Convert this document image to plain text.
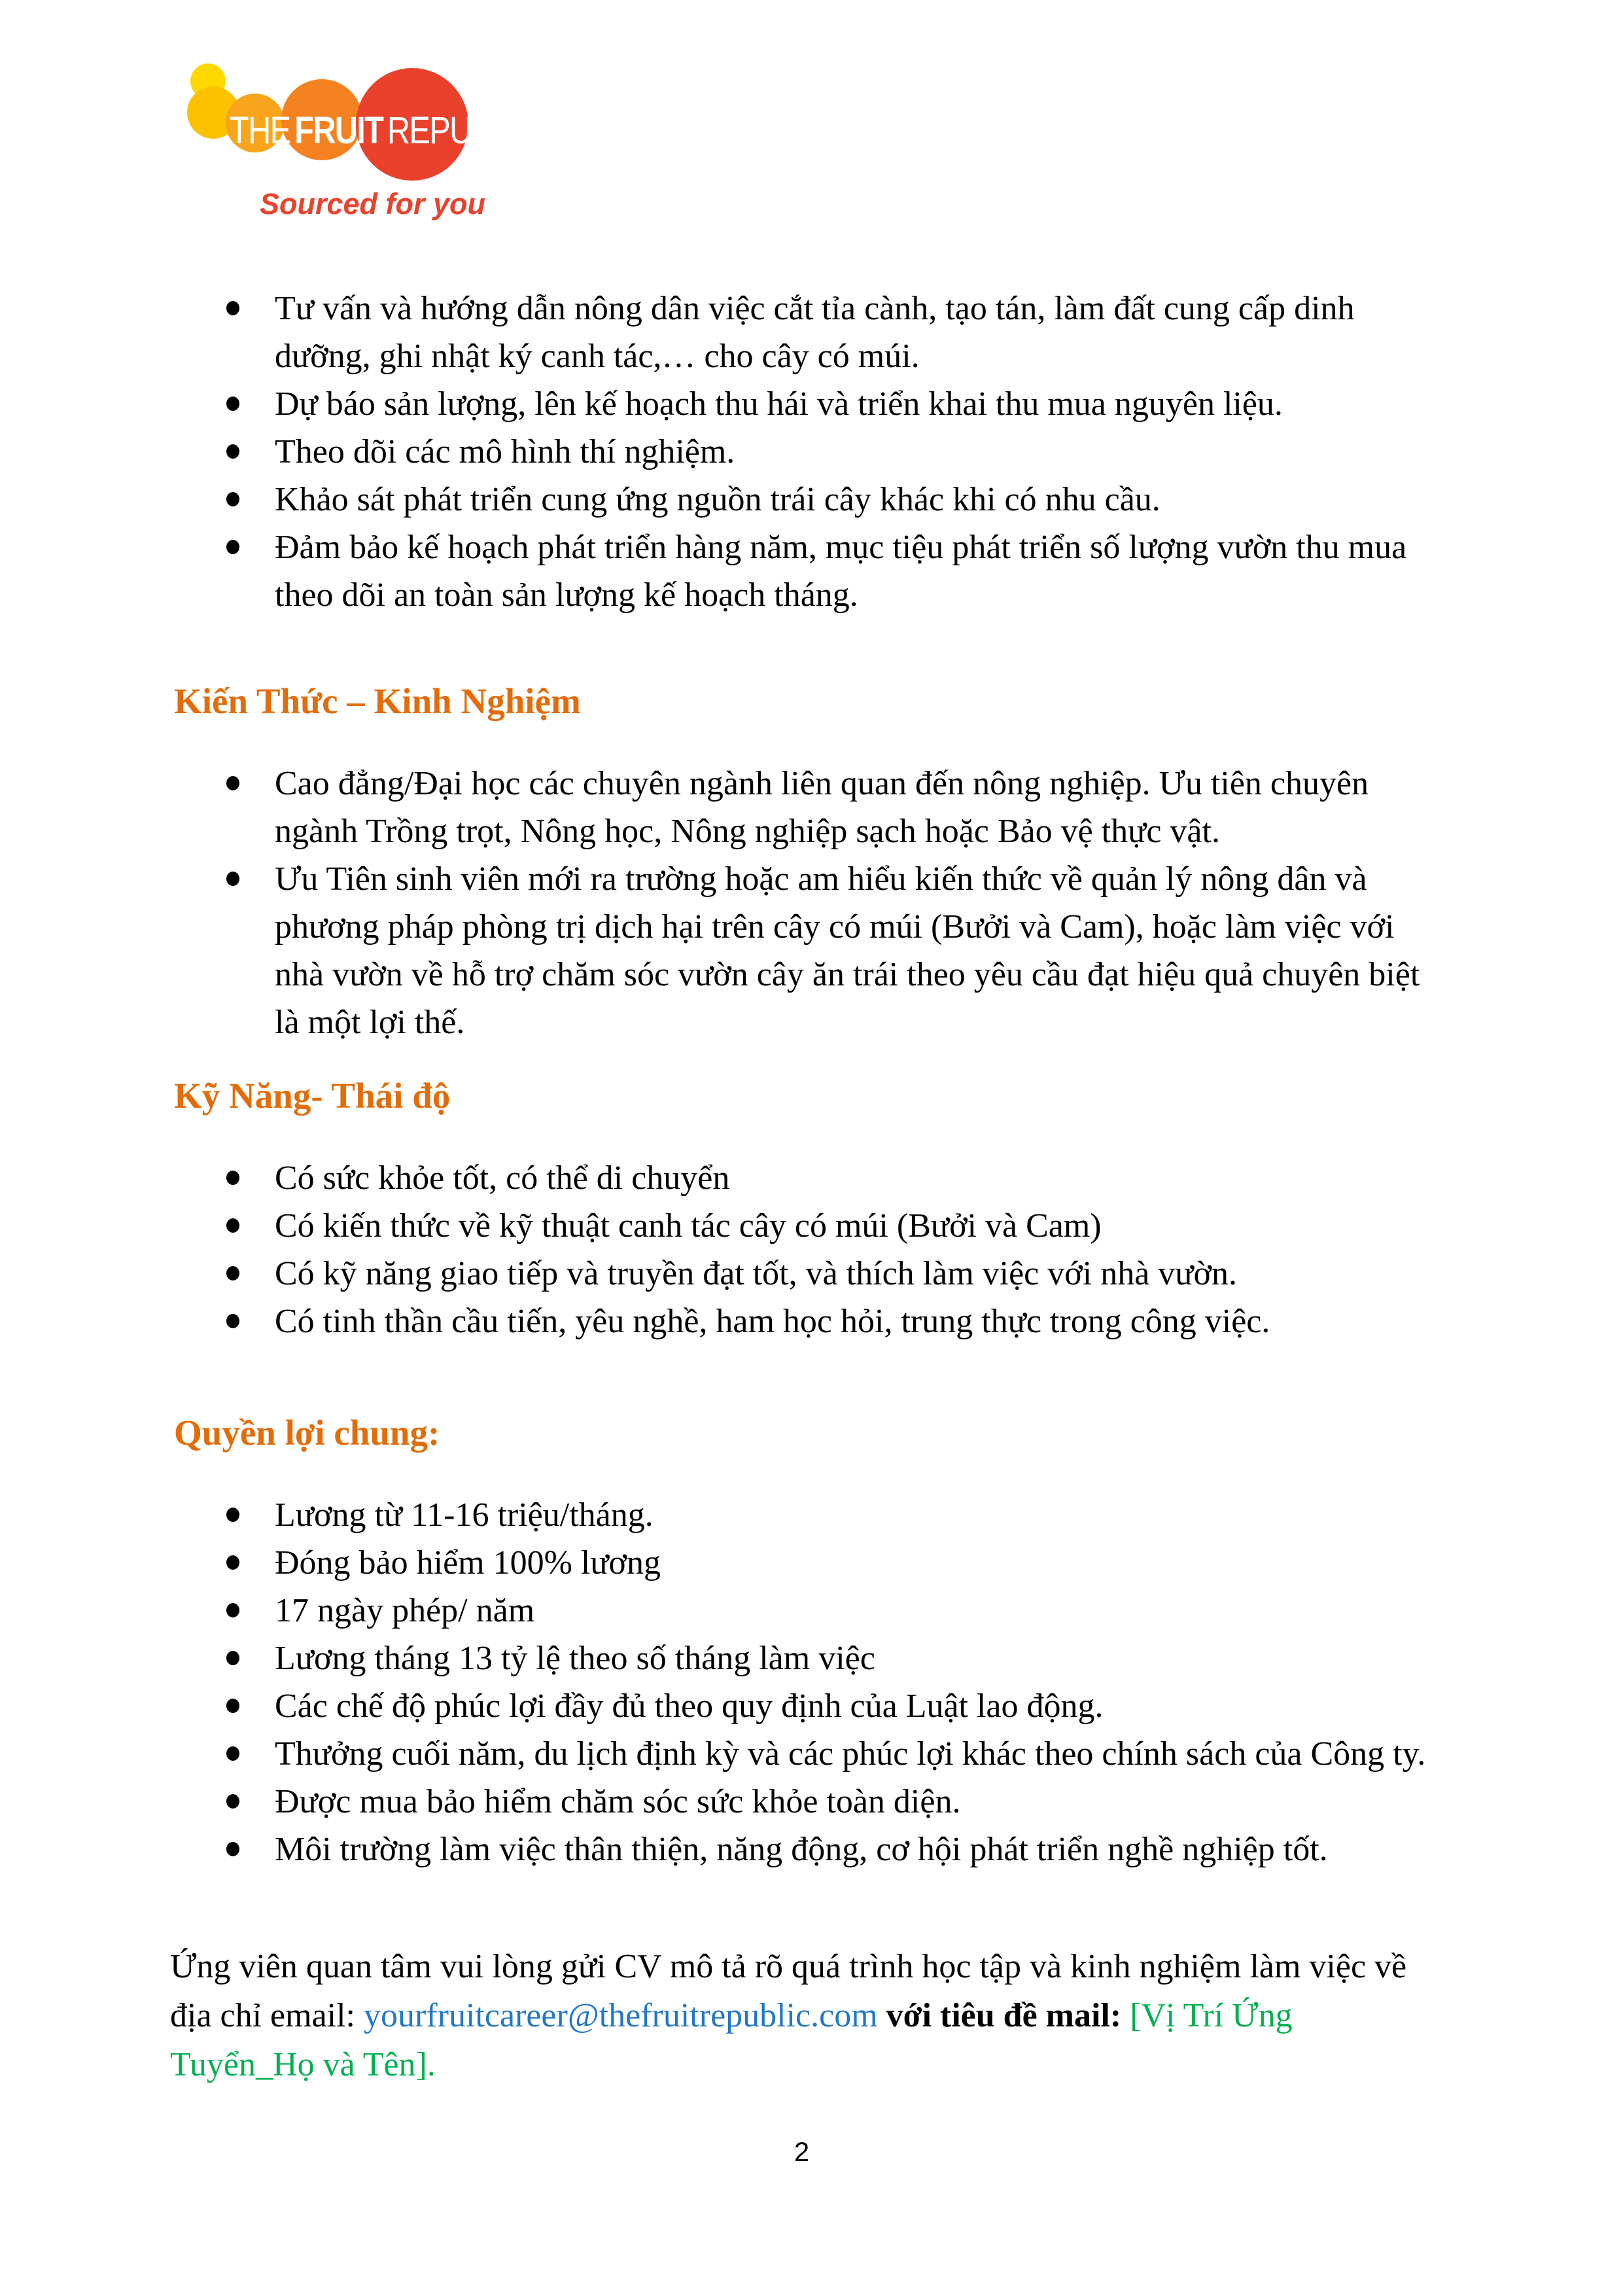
THE FRUIT REPUBLIC
Sourced for you
Tư vấn và hướng dẫn nông dân việc cắt tỉa cành, tạo tán, làm đất cung cấp dinh dưỡng, ghi nhật ký canh tác,… cho cây có múi.
Dự báo sản lượng, lên kế hoạch thu hái và triển khai thu mua nguyên liệu.
Theo dõi các mô hình thí nghiệm.
Khảo sát phát triển cung ứng nguồn trái cây khác khi có nhu cầu.
Đảm bảo kế hoạch phát triển hàng năm, mục tiệu phát triển số lượng vườn thu mua theo dõi an toàn sản lượng kế hoạch tháng.
Kiến Thức – Kinh Nghiệm
Cao đẳng/Đại học các chuyên ngành liên quan đến nông nghiệp. Ưu tiên chuyên ngành Trồng trọt, Nông học, Nông nghiệp sạch hoặc Bảo vệ thực vật.
Ưu Tiên sinh viên mới ra trường hoặc am hiểu kiến thức về quản lý nông dân và phương pháp phòng trị dịch hại trên cây có múi (Bưởi và Cam), hoặc làm việc với nhà vườn về hỗ trợ chăm sóc vườn cây ăn trái theo yêu cầu đạt hiệu quả chuyên biệt là một lợi thế.
Kỹ Năng- Thái độ
Có sức khỏe tốt, có thể di chuyển
Có kiến thức về kỹ thuật canh tác cây có múi (Bưởi và Cam)
Có kỹ năng giao tiếp và truyền đạt tốt, và thích làm việc với nhà vườn.
Có tinh thần cầu tiến, yêu nghề, ham học hỏi, trung thực trong công việc.
Quyền lợi chung:
Lương từ 11-16 triệu/tháng.
Đóng bảo hiểm 100% lương
17 ngày phép/ năm
Lương tháng 13 tỷ lệ theo số tháng làm việc
Các chế độ phúc lợi đầy đủ theo quy định của Luật lao động.
Thưởng cuối năm, du lịch định kỳ và các phúc lợi khác theo chính sách của Công ty.
Được mua bảo hiểm chăm sóc sức khỏe toàn diện.
Môi trường làm việc thân thiện, năng động, cơ hội phát triển nghề nghiệp tốt.

Ứng viên quan tâm vui lòng gửi CV mô tả rõ quá trình học tập và kinh nghiệm làm việc về địa chỉ email: yourfruitcareer@thefruitrepublic.com với tiêu đề mail: [Vị Trí Ứng Tuyển_Họ và Tên].

2
